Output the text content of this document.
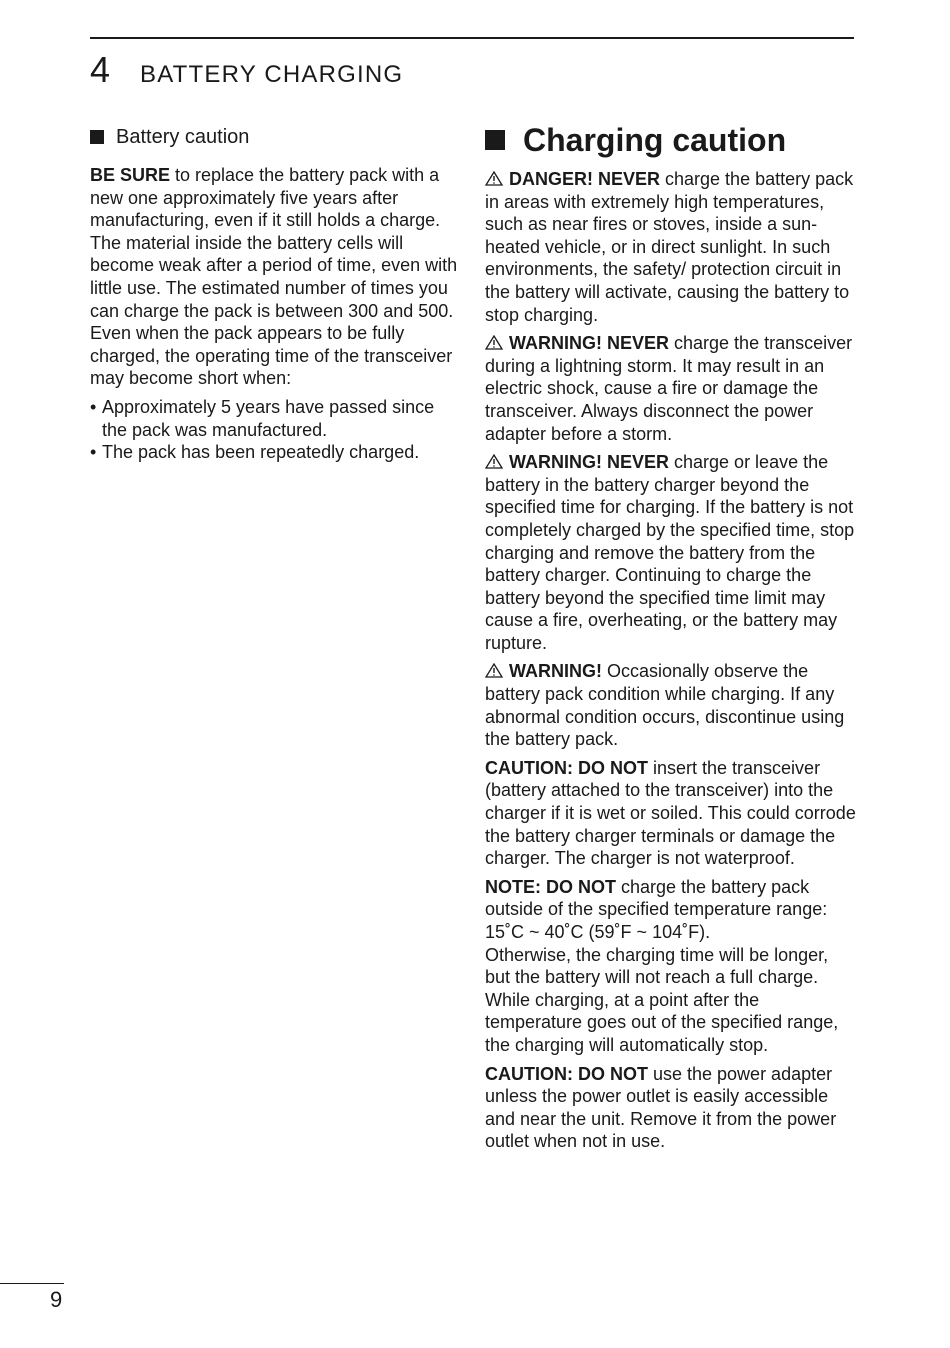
4 BATTERY CHARGING
Battery caution

BE SURE to replace the battery pack with a new one approximately five years after manufacturing, even if it still holds a charge. The material inside the battery cells will become weak after a period of time, even with little use. The estimated number of times you can charge the pack is between 300 and 500. Even when the pack appears to be fully charged, the operating time of the transceiver may become short when:

• Approximately 5 years have passed since the pack was manufactured.
• The pack has been repeatedly charged.
Charging caution

DANGER! NEVER charge the battery pack in areas with extremely high temperatures, such as near fires or stoves, inside a sun-heated vehicle, or in direct sunlight. In such environments, the safety/ protection circuit in the battery will activate, causing the battery to stop charging.

WARNING! NEVER charge the transceiver during a lightning storm. It may result in an electric shock, cause a fire or damage the transceiver. Always disconnect the power adapter before a storm.

WARNING! NEVER charge or leave the battery in the battery charger beyond the specified time for charging. If the battery is not completely charged by the specified time, stop charging and remove the battery from the battery charger. Continuing to charge the battery beyond the specified time limit may cause a fire, overheating, or the battery may rupture.

WARNING! Occasionally observe the battery pack condition while charging. If any abnormal condition occurs, discontinue using the battery pack.

CAUTION: DO NOT insert the transceiver (battery attached to the transceiver) into the charger if it is wet or soiled. This could corrode the battery charger terminals or damage the charger. The charger is not waterproof.

NOTE: DO NOT charge the battery pack outside of the specified temperature range: 15˚C ~ 40˚C (59˚F ~ 104˚F).
Otherwise, the charging time will be longer, but the battery will not reach a full charge. While charging, at a point after the temperature goes out of the specified range, the charging will automatically stop.

CAUTION: DO NOT use the power adapter unless the power outlet is easily accessible and near the unit. Remove it from the power outlet when not in use.

9
